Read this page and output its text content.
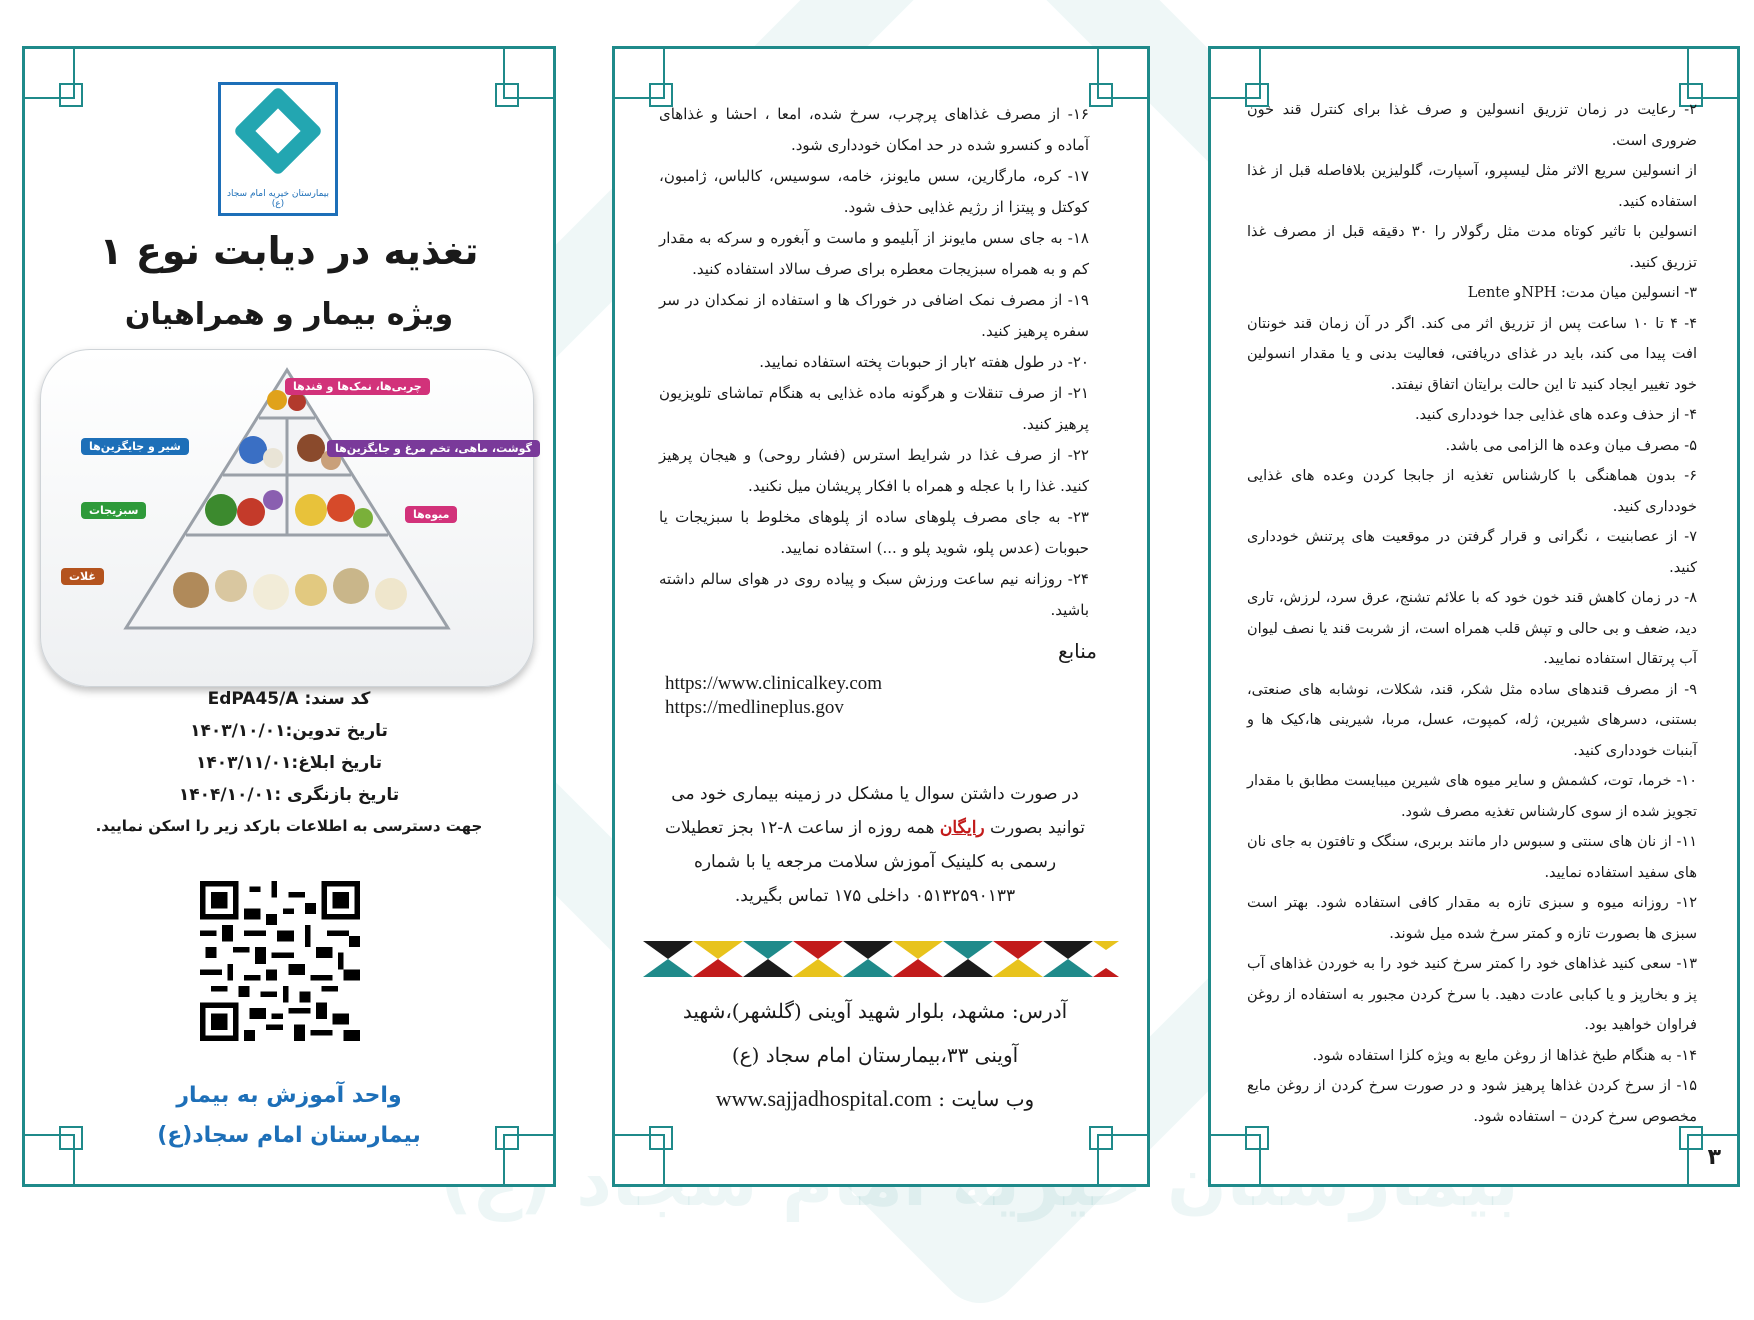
بیمارستان خیریه امام سجاد (ع)
تغذیه در دیابت نوع ۱
ویژه بیمار و همراهیان
چربی‌ها، نمک‌ها و قندها
گوشت، ماهی، تخم مرغ و جایگزین‌ها
شیر و جایگزین‌ها
سبزیجات	میوه‌ها
غلات
کد سند: EdPA45/A
تاریخ تدوین:۱۴۰۳/۱۰/۰۱
تاریخ ابلاغ:۱۴۰۳/۱۱/۰۱
تاریخ بازنگری :۱۴۰۴/۱۰/۰۱
جهت دسترسی به اطلاعات بارکد زیر را اسکن نمایید.
واحد آموزش به بیمار
بیمارستان امام سجاد(ع)

۱۶- از مصرف غذاهای پرچرب، سرخ شده، امعا ، احشا و غذاهای آماده و کنسرو شده در حد امکان خودداری شود.

۱۷- کره، مارگارین، سس مایونز، خامه، سوسیس، کالباس، ژامبون، کوکتل و پیتزا از رژیم غذایی حذف شود.

۱۸- به جای سس مایونز از آبلیمو و ماست و آبغوره و سرکه به مقدار کم و به همراه سبزیجات معطره برای صرف سالاد استفاده کنید.

۱۹- از مصرف نمک اضافی در خوراک ها و استفاده از نمکدان در سر سفره پرهیز کنید.

۲۰- در طول هفته ۲بار از حبوبات پخته استفاده نمایید.

۲۱- از صرف تنقلات و هرگونه ماده غذایی به هنگام تماشای تلویزیون پرهیز کنید.

۲۲- از صرف غذا در شرایط استرس (فشار روحی) و هیجان پرهیز کنید. غذا را با عجله و همراه با افکار پریشان میل نکنید.

۲۳- به جای مصرف پلوهای ساده از پلوهای مخلوط با سبزیجات یا حبوبات (عدس پلو، شوید پلو و ...) استفاده نمایید.

۲۴- روزانه نیم ساعت ورزش سبک و پیاده روی در هوای سالم داشته باشید.

منابع
https://www.clinicalkey.com
https://medlineplus.gov
در صورت داشتن سوال یا مشکل در زمینه بیماری خود می توانید بصورت رایگان همه روزه از ساعت ۸-۱۲ بجز تعطیلات رسمی به کلینیک آموزش سلامت مرجعه یا با شماره ۰۵۱۳۲۵۹۰۱۳۳ داخلی ۱۷۵ تماس بگیرید.
آدرس: مشهد، بلوار شهید آوینی (گلشهر)،شهید
آوینی ۳۳،بیمارستان امام سجاد (ع)
وب سایت : www.sajjadhospital.com

۲- رعایت در زمان تزریق انسولین و صرف غذا برای کنترل قند خون ضروری است.

از انسولین سریع الاثر مثل لیسپرو، آسپارت، گلولیزین بلافاصله قبل از غذا استفاده کنید.

انسولین با تاثیر کوتاه مدت مثل رگولار را ۳۰ دقیقه قبل از مصرف غذا تزریق کنید.

۳- انسولین میان مدت: NPHو Lente

۴- ۴ تا ۱۰ ساعت پس از تزریق اثر می کند. اگر در آن زمان قند خونتان افت پیدا می کند، باید در غذای دریافتی، فعالیت بدنی و یا مقدار انسولین خود تغییر ایجاد کنید تا این حالت برایتان اتفاق نیفتد.

۴- از حذف وعده های غذایی جدا خودداری کنید.

۵- مصرف میان وعده ها الزامی می باشد.

۶- بدون هماهنگی با کارشناس تغذیه از جابجا کردن وعده های غذایی خودداری کنید.

۷- از عصابنیت ، نگرانی و قرار گرفتن در موقعیت های پرتنش خودداری کنید.

۸- در زمان کاهش قند خون خود که با علائم تشنج، عرق سرد، لرزش، تاری دید، ضعف و بی حالی و تپش قلب همراه است، از شربت قند یا نصف لیوان آب پرتقال استفاده نمایید.

۹- از مصرف قندهای ساده مثل شکر، قند، شکلات، نوشابه های صنعتی، بستنی، دسرهای شیرین، ژله، کمپوت، عسل، مربا، شیرینی ها،کیک ها و آبنبات خودداری کنید.

۱۰- خرما، توت، کشمش و سایر میوه های شیرین میبایست مطابق با مقدار تجویز شده از سوی کارشناس تغذیه مصرف شود.

۱۱- از نان های سنتی و سبوس دار مانند بربری، سنگک و تافتون به جای نان های سفید استفاده نمایید.

۱۲- روزانه میوه و سبزی تازه به مقدار کافی استفاده شود. بهتر است سبزی ها بصورت تازه و کمتر سرخ شده میل شوند.

۱۳- سعی کنید غذاهای خود را کمتر سرخ کنید خود را به خوردن غذاهای آب پز و بخارپز و یا کبابی عادت دهید. با سرخ کردن مجبور به استفاده از روغن فراوان خواهید بود.

۱۴- به هنگام طبخ غذاها از روغن مایع به ویژه کلزا استفاده شود.

۱۵- از سرخ کردن غذاها پرهیز شود و در صورت سرخ کردن از روغن مایع مخصوص سرخ کردن – استفاده شود.

۳
